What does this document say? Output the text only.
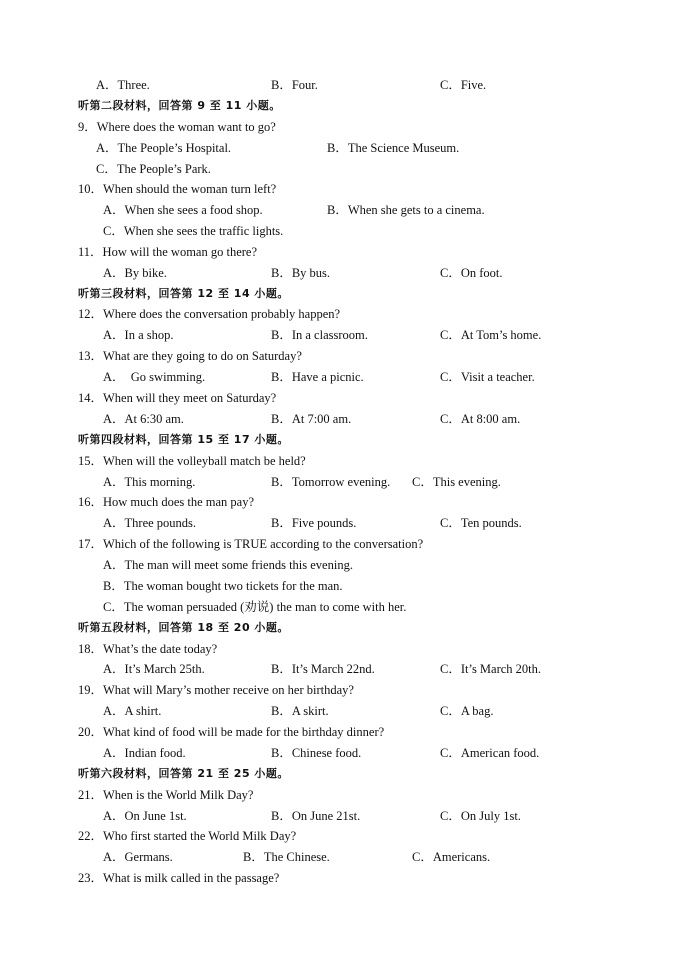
A．Three.	B．Four.	C．Five.
听第二段材料，回答第 9 至 11 小题。
9．Where does the woman want to go?
A．The People’s Hospital.	B．The Science Museum.
C．The People’s Park.
10．When should the woman turn left?
A．When she sees a food shop.	B．When she gets to a cinema.
C．When she sees the traffic lights.
11．How will the woman go there?
A．By bike.	B．By bus.	C．On foot.
听第三段材料，回答第 12 至 14 小题。
12．Where does the conversation probably happen?
A．In a shop.	B．In a classroom.	C．At Tom’s home.
13．What are they going to do on Saturday?
A．  Go swimming.	B．Have a picnic.	C．Visit a teacher.
14．When will they meet on Saturday?
A．At 6:30 am.	B．At 7:00 am.	C．At 8:00 am.
听第四段材料，回答第 15 至 17 小题。
15．When will the volleyball match be held?
A．This morning.	B．Tomorrow evening. C．This evening.
16．How much does the man pay?
A．Three pounds.	B．Five pounds.	C．Ten pounds.
17．Which of the following is TRUE according to the conversation?
A．The man will meet some friends this evening.
B．The woman bought two tickets for the man.
C．The woman persuaded (劝说) the man to come with her.
听第五段材料，回答第 18 至 20 小题。
18．What’s the date today?
A．It’s March 25th.	B．It’s March 22nd.	C．It’s March 20th.
19．What will Mary’s mother receive on her birthday?
A．A shirt.	B．A skirt.	C．A bag.
20．What kind of food will be made for the birthday dinner?
A．Indian food.	B．Chinese food.	C．American food.
听第六段材料，回答第 21 至 25 小题。
21．When is the World Milk Day?
A．On June 1st.	B．On June 21st.	C．On July 1st.
22．Who first started the World Milk Day?
A．Germans.	B．The Chinese.	C．Americans.
23．What is milk called in the passage?
